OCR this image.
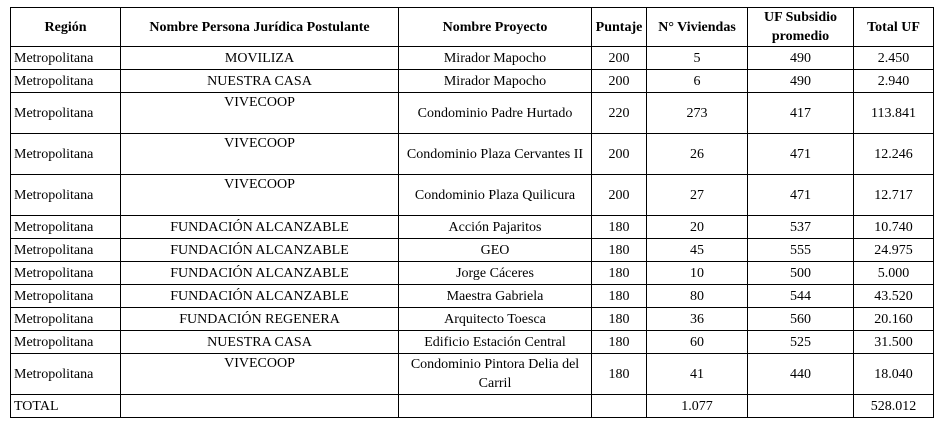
Región	Nombre Persona Jurídica Postulante	Nombre Proyecto	Puntaje	N° Viviendas	UF Subsidio promedio	Total UF
Metropolitana	MOVILIZA	Mirador Mapocho	200	5	490	2.450
Metropolitana	NUESTRA CASA	Mirador Mapocho	200	6	490	2.940
Metropolitana	VIVECOOP	Condominio Padre Hurtado	220	273	417	113.841
Metropolitana	VIVECOOP	Condominio Plaza Cervantes II	200	26	471	12.246
Metropolitana	VIVECOOP	Condominio Plaza Quilicura	200	27	471	12.717
Metropolitana	FUNDACIÓN ALCANZABLE	Acción Pajaritos	180	20	537	10.740
Metropolitana	FUNDACIÓN ALCANZABLE	GEO	180	45	555	24.975
Metropolitana	FUNDACIÓN ALCANZABLE	Jorge Cáceres	180	10	500	5.000
Metropolitana	FUNDACIÓN ALCANZABLE	Maestra Gabriela	180	80	544	43.520
Metropolitana	FUNDACIÓN REGENERA	Arquitecto Toesca	180	36	560	20.160
Metropolitana	NUESTRA CASA	Edificio Estación Central	180	60	525	31.500
Metropolitana	VIVECOOP	Condominio Pintora Delia del Carril	180	41	440	18.040
TOTAL				1.077		528.012
